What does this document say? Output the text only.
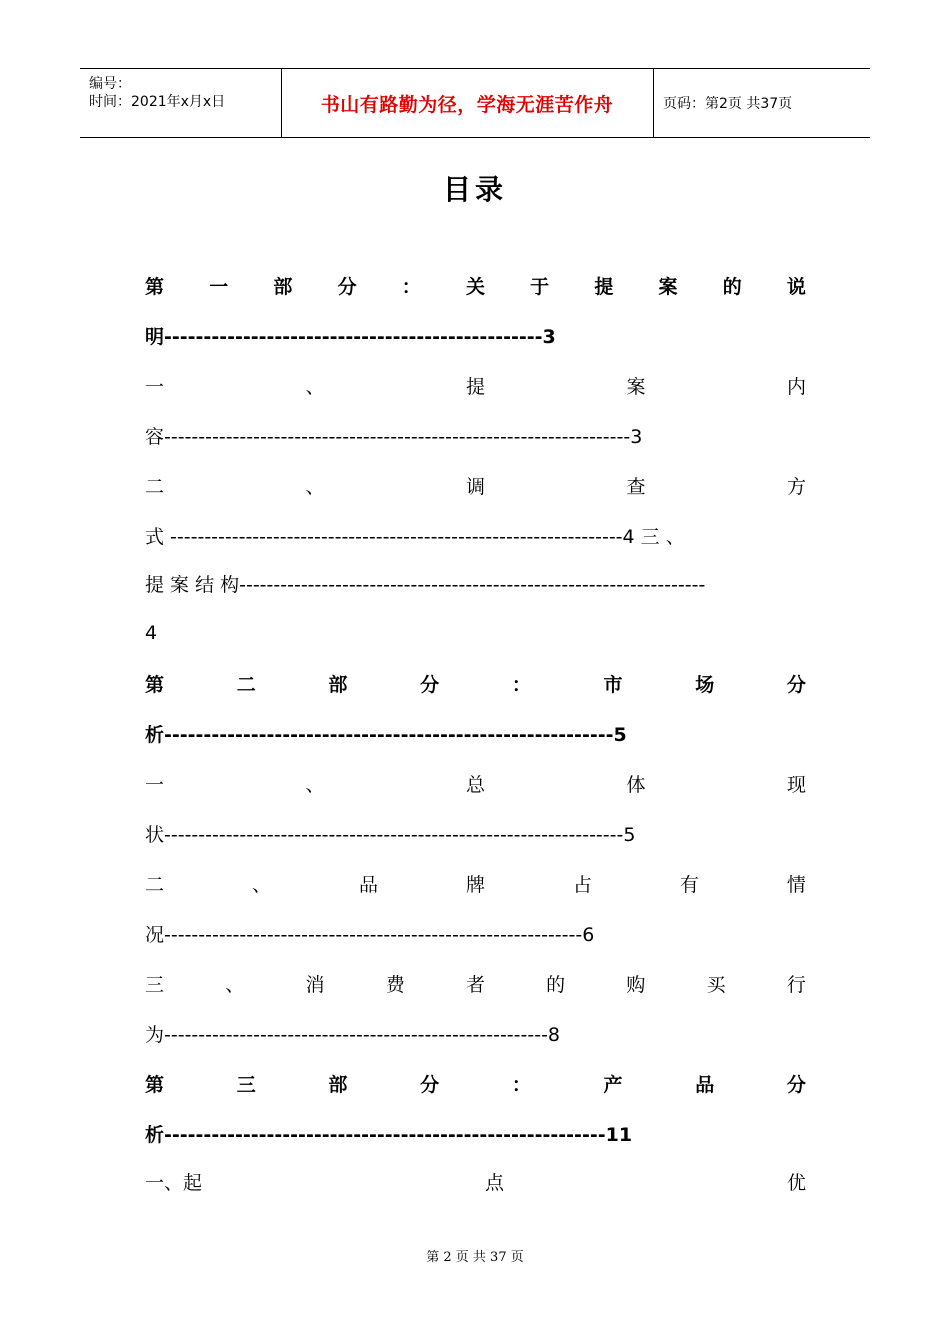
编号：
时间：2021年x月x日	书山有路勤为径，学海无涯苦作舟	页码：第2页 共37页
目录
第 一 部 分 ： 关 于 提 案 的 说
明------------------------------------------------3
一	、	提	案	内
容--------------------------------------------------------------------3
二	、	调	查	方
式 ------------------------------------------------------------------4 三 、
提 案 结 构--------------------------------------------------------------------
4
第	二	部	分	：	市	场	分
析---------------------------------------------------------5
一	、	总	体	现
状-------------------------------------------------------------------5
二	、	品	牌	占	有	情
况-------------------------------------------------------------6
三	、	消	费	者	的	购	买	行
为--------------------------------------------------------8
第	三	部	分	：	产	品	分
析--------------------------------------------------------11
一、起	点	优
第 2 页 共 37 页
